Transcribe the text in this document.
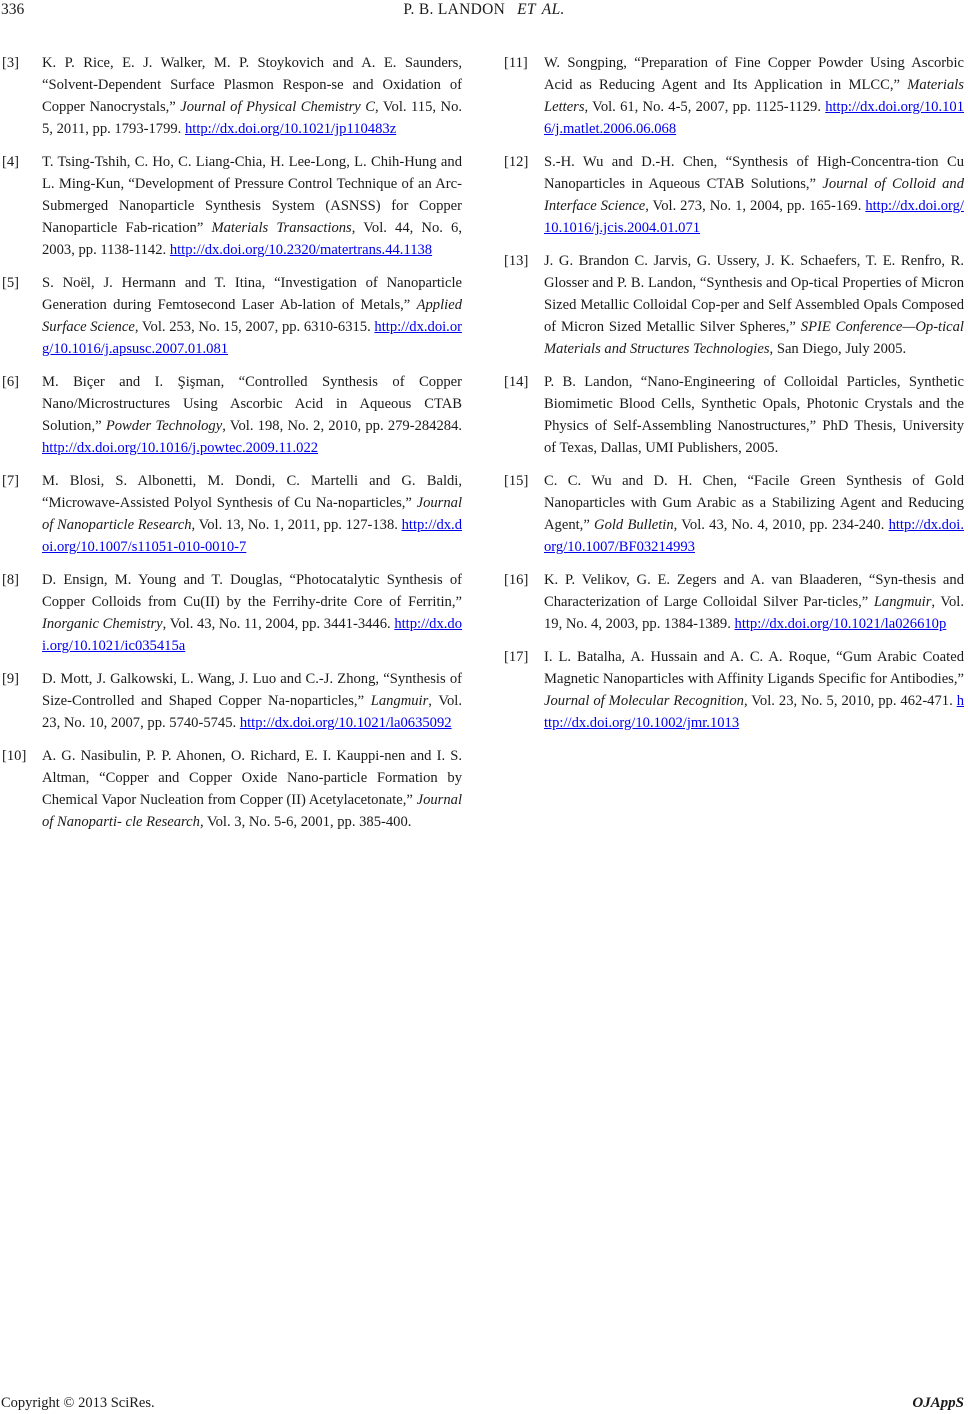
336	P. B. LANDON ET AL.
[3] K. P. Rice, E. J. Walker, M. P. Stoykovich and A. E. Saunders, “Solvent-Dependent Surface Plasmon Respon-se and Oxidation of Copper Nanocrystals,” Journal of Physical Chemistry C, Vol. 115, No. 5, 2011, pp. 1793-1799. http://dx.doi.org/10.1021/jp110483z
[4] T. Tsing-Tshih, C. Ho, C. Liang-Chia, H. Lee-Long, L. Chih-Hung and L. Ming-Kun, “Development of Pressure Control Technique of an Arc-Submerged Nanoparticle Synthesis System (ASNSS) for Copper Nanoparticle Fab-rication” Materials Transactions, Vol. 44, No. 6, 2003, pp. 1138-1142. http://dx.doi.org/10.2320/matertrans.44.1138
[5] S. Noël, J. Hermann and T. Itina, “Investigation of Nanoparticle Generation during Femtosecond Laser Ab-lation of Metals,” Applied Surface Science, Vol. 253, No. 15, 2007, pp. 6310-6315. http://dx.doi.org/10.1016/j.apsusc.2007.01.081
[6] M. Biçer and I. Şişman, “Controlled Synthesis of Copper Nano/Microstructures Using Ascorbic Acid in Aqueous CTAB Solution,” Powder Technology, Vol. 198, No. 2, 2010, pp. 279-284284. http://dx.doi.org/10.1016/j.powtec.2009.11.022
[7] M. Blosi, S. Albonetti, M. Dondi, C. Martelli and G. Baldi, “Microwave-Assisted Polyol Synthesis of Cu Na-noparticles,” Journal of Nanoparticle Research, Vol. 13, No. 1, 2011, pp. 127-138. http://dx.doi.org/10.1007/s11051-010-0010-7
[8] D. Ensign, M. Young and T. Douglas, “Photocatalytic Synthesis of Copper Colloids from Cu(II) by the Ferrihy-drite Core of Ferritin,” Inorganic Chemistry, Vol. 43, No. 11, 2004, pp. 3441-3446. http://dx.doi.org/10.1021/ic035415a
[9] D. Mott, J. Galkowski, L. Wang, J. Luo and C.-J. Zhong, “Synthesis of Size-Controlled and Shaped Copper Na-noparticles,” Langmuir, Vol. 23, No. 10, 2007, pp. 5740-5745. http://dx.doi.org/10.1021/la0635092
[10] A. G. Nasibulin, P. P. Ahonen, O. Richard, E. I. Kauppi-nen and I. S. Altman, “Copper and Copper Oxide Nano-particle Formation by Chemical Vapor Nucleation from Copper (II) Acetylacetonate,” Journal of Nanoparti- cle Research, Vol. 3, No. 5-6, 2001, pp. 385-400.
[11] W. Songping, “Preparation of Fine Copper Powder Using Ascorbic Acid as Reducing Agent and Its Application in MLCC,” Materials Letters, Vol. 61, No. 4-5, 2007, pp. 1125-1129. http://dx.doi.org/10.1016/j.matlet.2006.06.068
[12] S.-H. Wu and D.-H. Chen, “Synthesis of High-Concentra-tion Cu Nanoparticles in Aqueous CTAB Solutions,” Journal of Colloid and Interface Science, Vol. 273, No. 1, 2004, pp. 165-169. http://dx.doi.org/10.1016/j.jcis.2004.01.071
[13] J. G. Brandon C. Jarvis, G. Ussery, J. K. Schaefers, T. E. Renfro, R. Glosser and P. B. Landon, “Synthesis and Op-tical Properties of Micron Sized Metallic Colloidal Cop-per and Self Assembled Opals Composed of Micron Sized Metallic Silver Spheres,” SPIE Conference—Op-tical Materials and Structures Technologies, San Diego, July 2005.
[14] P. B. Landon, “Nano-Engineering of Colloidal Particles, Synthetic Biomimetic Blood Cells, Synthetic Opals, Photonic Crystals and the Physics of Self-Assembling Nanostructures,” PhD Thesis, University of Texas, Dallas, UMI Publishers, 2005.
[15] C. C. Wu and D. H. Chen, “Facile Green Synthesis of Gold Nanoparticles with Gum Arabic as a Stabilizing Agent and Reducing Agent,” Gold Bulletin, Vol. 43, No. 4, 2010, pp. 234-240. http://dx.doi.org/10.1007/BF03214993
[16] K. P. Velikov, G. E. Zegers and A. van Blaaderen, “Syn-thesis and Characterization of Large Colloidal Silver Par-ticles,” Langmuir, Vol. 19, No. 4, 2003, pp. 1384-1389. http://dx.doi.org/10.1021/la026610p
[17] I. L. Batalha, A. Hussain and A. C. A. Roque, “Gum Arabic Coated Magnetic Nanoparticles with Affinity Ligands Specific for Antibodies,” Journal of Molecular Recognition, Vol. 23, No. 5, 2010, pp. 462-471. http://dx.doi.org/10.1002/jmr.1013
Copyright © 2013 SciRes.	OJAppS
